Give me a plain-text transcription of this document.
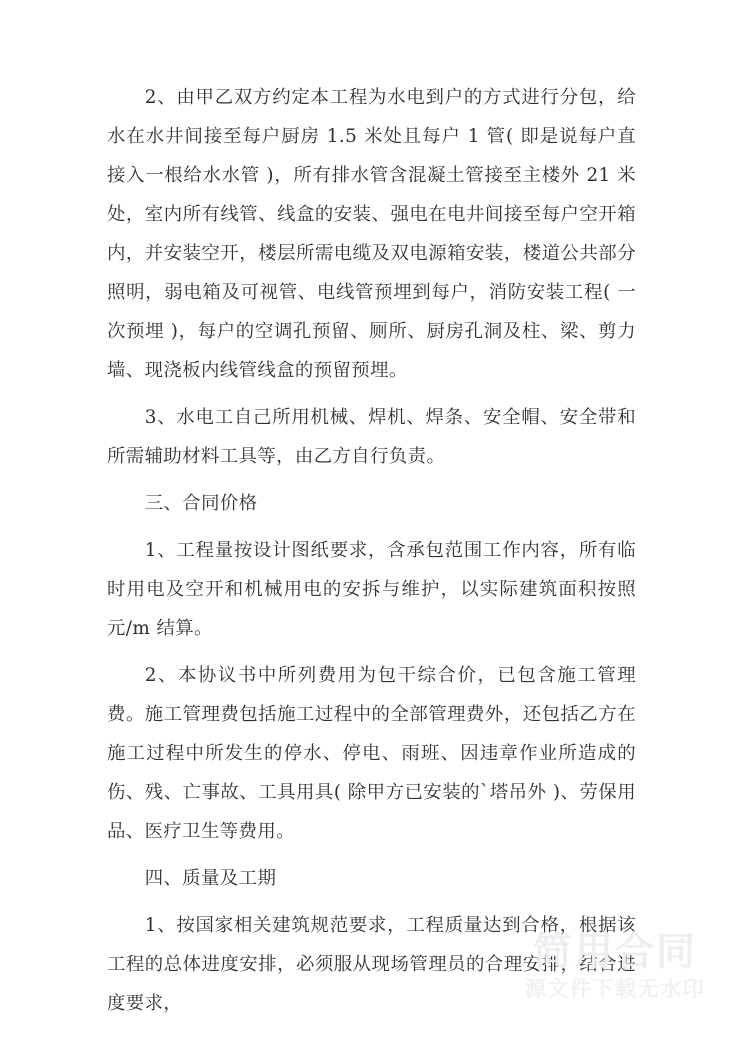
2、由甲乙双方约定本工程为水电到户的方式进行分包，给水在水井间接至每户厨房 1.5 米处且每户 1 管( 即是说每户直接入一根给水水管 )，所有排水管含混凝土管接至主楼外 21 米处，室内所有线管、线盒的安装、强电在电井间接至每户空开箱内，并安装空开，楼层所需电缆及双电源箱安装，楼道公共部分照明，弱电箱及可视管、电线管预埋到每户，消防安装工程( 一次预埋 )，每户的空调孔预留、厕所、厨房孔洞及柱、梁、剪力墙、现浇板内线管线盒的预留预埋。

3、水电工自己所用机械、焊机、焊条、安全帽、安全带和所需辅助材料工具等，由乙方自行负责。

三、合同价格

1、工程量按设计图纸要求，含承包范围工作内容，所有临时用电及空开和机械用电的安拆与维护，以实际建筑面积按照元/m 结算。

2、本协议书中所列费用为包干综合价，已包含施工管理费。施工管理费包括施工过程中的全部管理费外，还包括乙方在施工过程中所发生的停水、停电、雨班、因违章作业所造成的伤、残、亡事故、工具用具( 除甲方已安装的`塔吊外 )、劳保用品、医疗卫生等费用。

四、质量及工期

1、按国家相关建筑规范要求，工程质量达到合格，根据该工程的总体进度安排，必须服从现场管理员的合理安排，结合进度要求，

简用合同
源文件下载无水印
